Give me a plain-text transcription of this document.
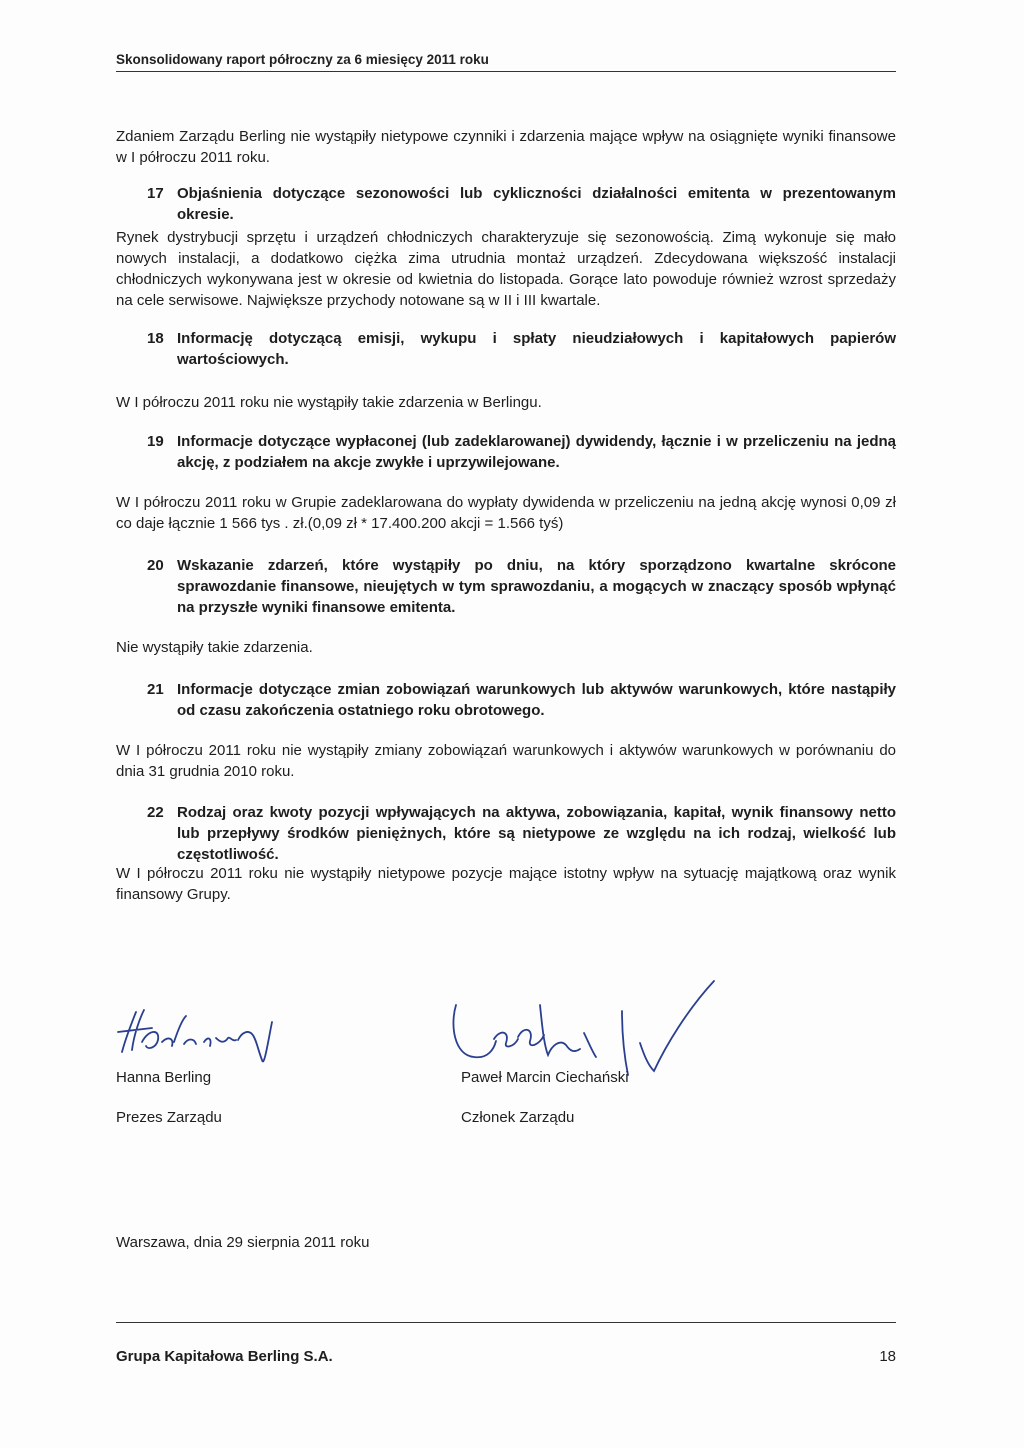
Skonsolidowany raport półroczny za 6 miesięcy 2011 roku

Zdaniem Zarządu Berling nie wystąpiły nietypowe czynniki i zdarzenia mające wpływ na osiągnięte wyniki finansowe w I półroczu 2011 roku.

17 Objaśnienia dotyczące sezonowości lub cykliczności działalności emitenta w prezentowanym okresie.

Rynek dystrybucji sprzętu i urządzeń chłodniczych charakteryzuje się sezonowością. Zimą wykonuje się mało nowych instalacji, a dodatkowo ciężka zima utrudnia montaż urządzeń. Zdecydowana większość instalacji chłodniczych wykonywana jest w okresie od kwietnia do listopada. Gorące lato powoduje również wzrost sprzedaży na cele serwisowe. Największe przychody notowane są w II i III kwartale.

18 Informację dotyczącą emisji, wykupu i spłaty nieudziałowych i kapitałowych papierów wartościowych.

W I półroczu 2011 roku nie wystąpiły takie zdarzenia w Berlingu.

19 Informacje dotyczące wypłaconej (lub zadeklarowanej) dywidendy, łącznie i w przeliczeniu na jedną akcję, z podziałem na akcje zwykłe i uprzywilejowane.

W I półroczu 2011 roku w Grupie zadeklarowana do wypłaty dywidenda w przeliczeniu na jedną akcję wynosi 0,09 zł co daje łącznie 1 566 tys . zł.(0,09 zł * 17.400.200 akcji = 1.566 tyś)

20 Wskazanie zdarzeń, które wystąpiły po dniu, na który sporządzono kwartalne skrócone sprawozdanie finansowe, nieujętych w tym sprawozdaniu, a mogących w znaczący sposób wpłynąć na przyszłe wyniki finansowe emitenta.

Nie wystąpiły takie zdarzenia.

21 Informacje dotyczące zmian zobowiązań warunkowych lub aktywów warunkowych, które nastąpiły od czasu zakończenia ostatniego roku obrotowego.

W I półroczu 2011 roku nie wystąpiły zmiany zobowiązań warunkowych i aktywów warunkowych w porównaniu do dnia 31 grudnia 2010 roku.

22 Rodzaj oraz kwoty pozycji wpływających na aktywa, zobowiązania, kapitał, wynik finansowy netto lub przepływy środków pieniężnych, które są nietypowe ze względu na ich rodzaj, wielkość lub częstotliwość.

W I półroczu 2011 roku nie wystąpiły nietypowe pozycje mające istotny wpływ na sytuację majątkową oraz wynik finansowy Grupy.

Hanna Berling
Prezes Zarządu
Paweł Marcin Ciechański
Członek Zarządu
Warszawa, dnia 29 sierpnia 2011 roku
Grupa Kapitałowa Berling S.A.	18
